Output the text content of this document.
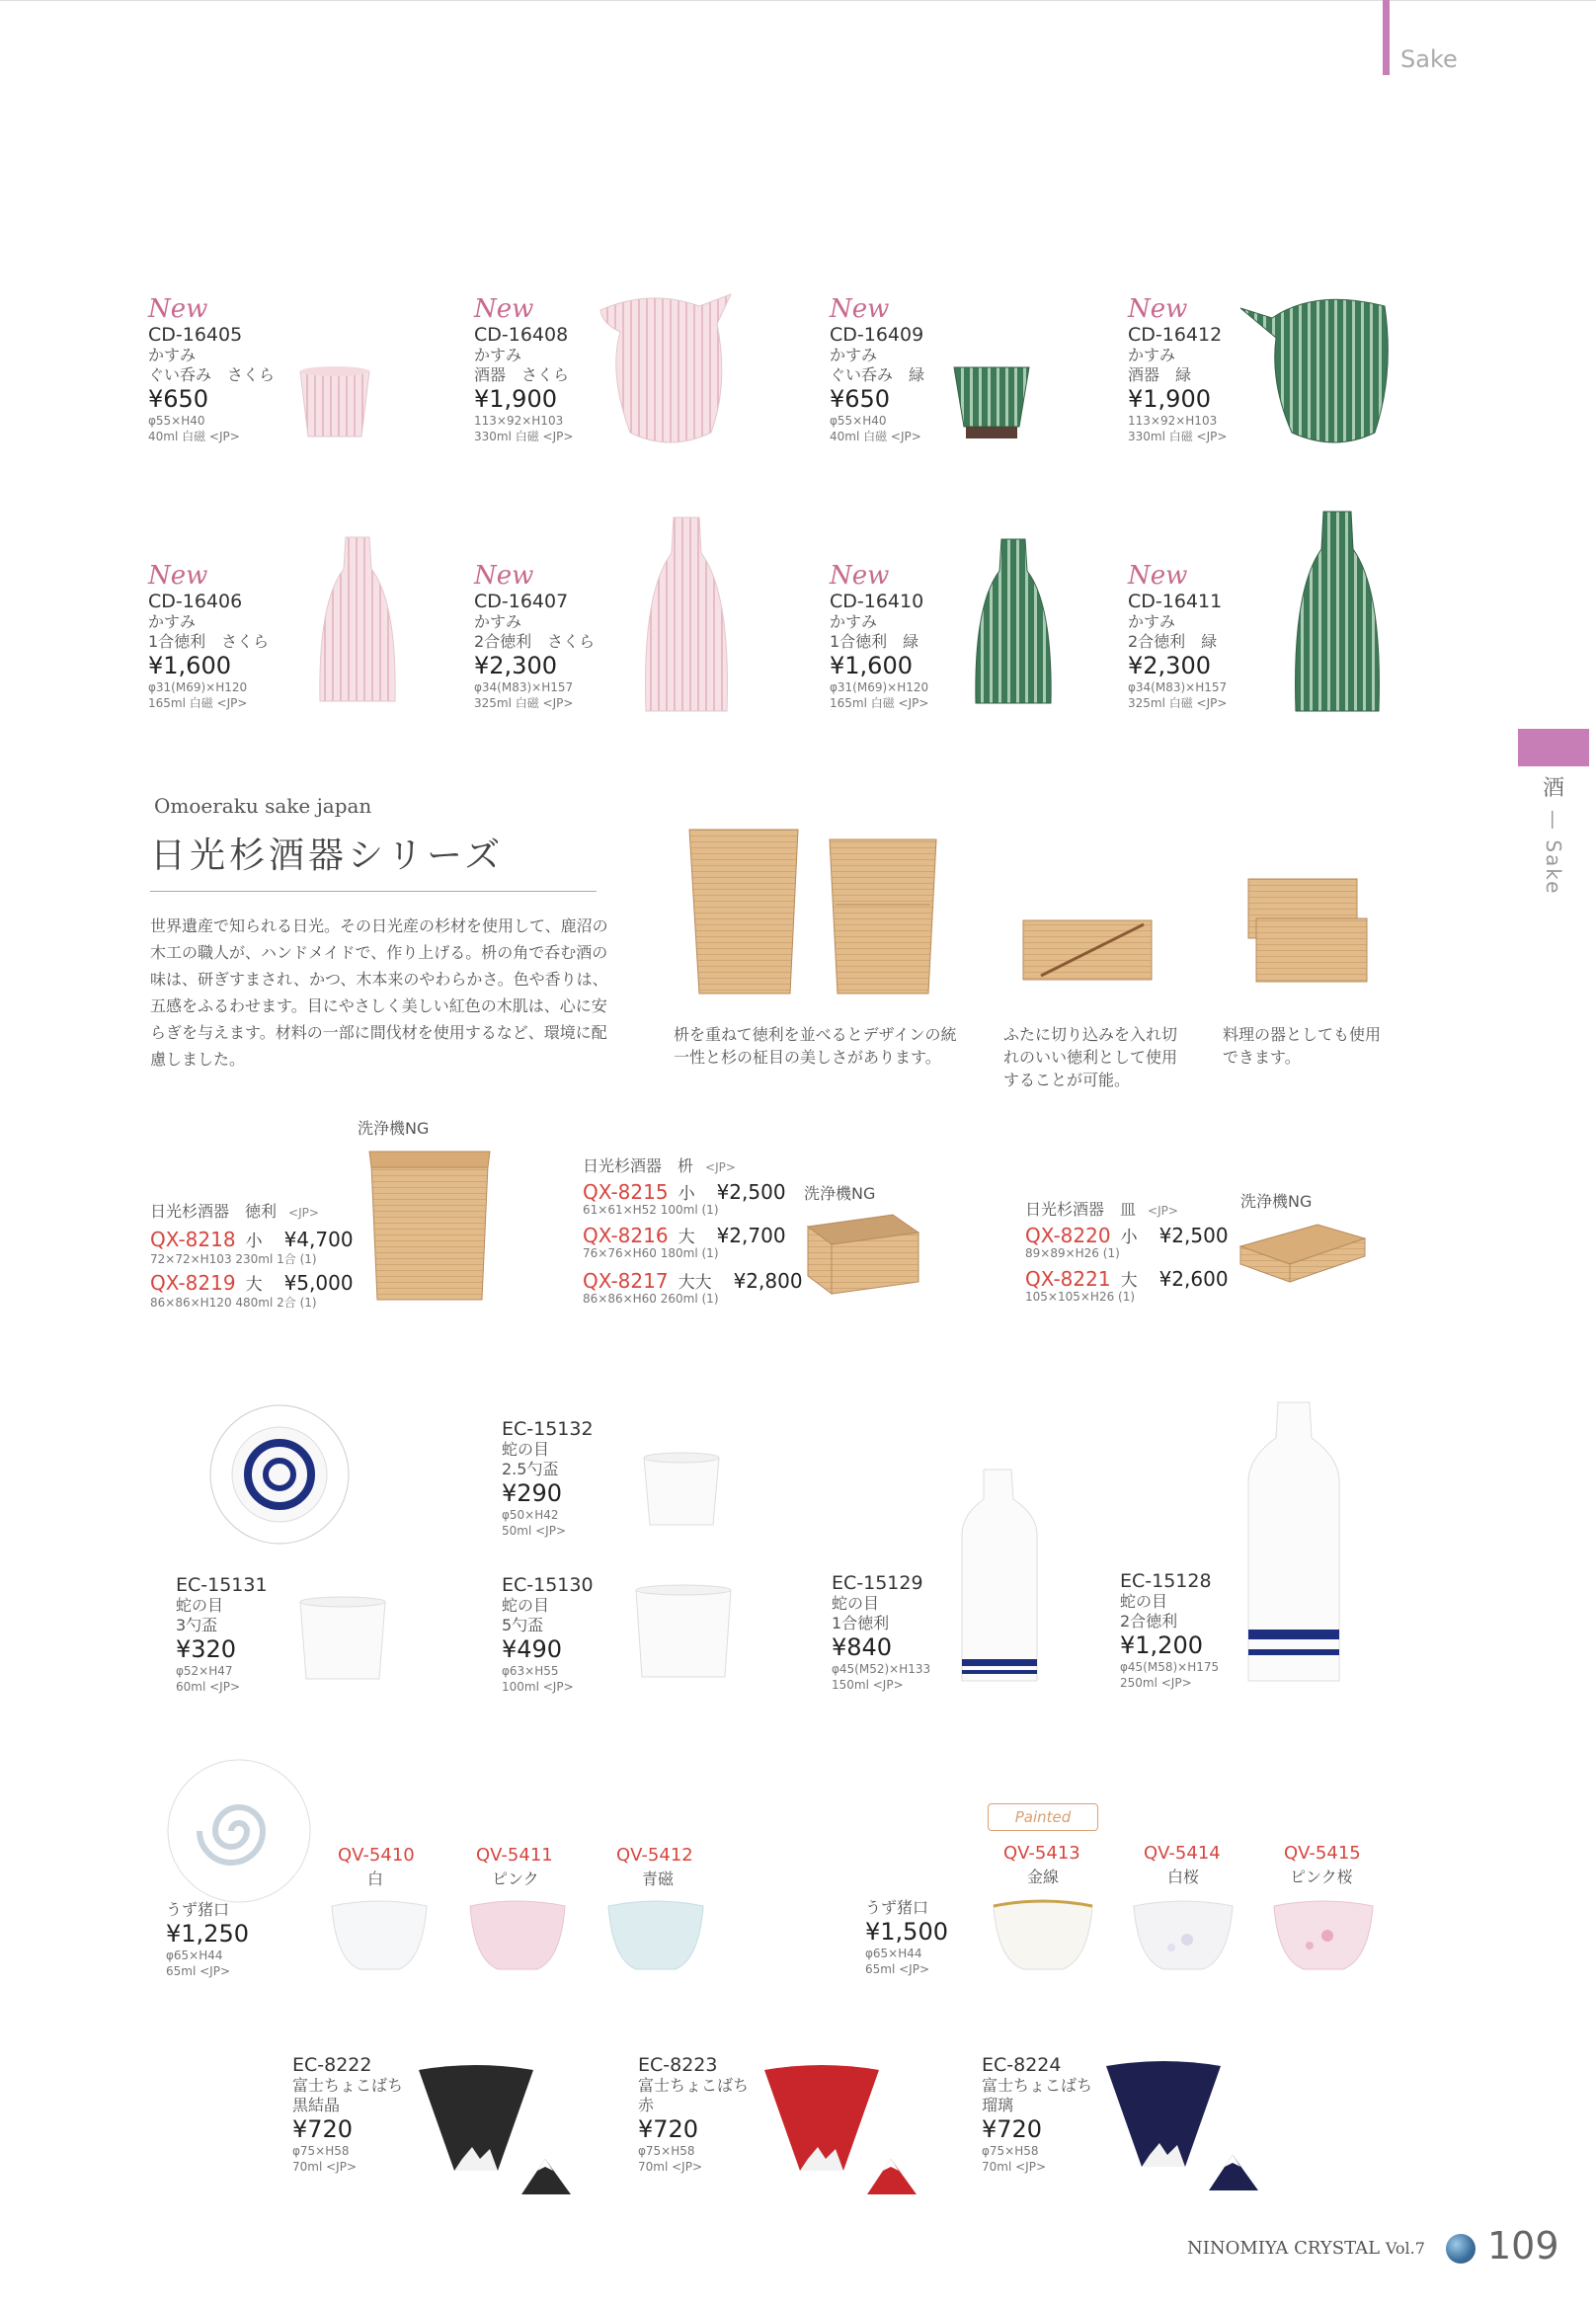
Sake
酒
— Sake
New
CD-16405
かすみ
ぐい呑み　さくら
¥650
φ55×H40
40ml 白磁 <JP>
New
CD-16408
かすみ
酒器　さくら
¥1,900
113×92×H103
330ml 白磁 <JP>
New
CD-16409
かすみ
ぐい呑み　緑
¥650
φ55×H40
40ml 白磁 <JP>
New
CD-16412
かすみ
酒器　緑
¥1,900
113×92×H103
330ml 白磁 <JP>
New
CD-16406
かすみ
1合徳利　さくら
¥1,600
φ31(M69)×H120
165ml 白磁 <JP>
New
CD-16407
かすみ
2合徳利　さくら
¥2,300
φ34(M83)×H157
325ml 白磁 <JP>
New
CD-16410
かすみ
1合徳利　緑
¥1,600
φ31(M69)×H120
165ml 白磁 <JP>
New
CD-16411
かすみ
2合徳利　緑
¥2,300
φ34(M83)×H157
325ml 白磁 <JP>
Omoeraku sake japan
日光杉酒器シリーズ
世界遺産で知られる日光。その日光産の杉材を使用して、鹿沼の木工の職人が、ハンドメイドで、作り上げる。枡の角で呑む酒の味は、研ぎすまされ、かつ、木本来のやわらかさ。色や香りは、五感をふるわせます。目にやさしく美しい紅色の木肌は、心に安らぎを与えます。材料の一部に間伐材を使用するなど、環境に配慮しました。
枡を重ねて徳利を並べるとデザインの統一性と杉の柾目の美しさがあります。
ふたに切り込みを入れ切れのいい徳利として使用することが可能。
料理の器としても使用できます。
洗浄機NG
日光杉酒器　徳利 <JP>
QX-8218 小 ¥4,700
72×72×H103 230ml 1合 (1)
QX-8219 大 ¥5,000
86×86×H120 480ml 2合 (1)
日光杉酒器　枡 <JP>
QX-8215 小 ¥2,500
61×61×H52 100ml (1)
QX-8216 大 ¥2,700
76×76×H60 180ml (1)
QX-8217 大大 ¥2,800
86×86×H60 260ml (1)
洗浄機NG
日光杉酒器　皿 <JP>
QX-8220 小 ¥2,500
89×89×H26 (1)
QX-8221 大 ¥2,600
105×105×H26 (1)
洗浄機NG
EC-15132
蛇の目
2.5勺盃
¥290
φ50×H42
50ml <JP>
EC-15131
蛇の目
3勺盃
¥320
φ52×H47
60ml <JP>
EC-15130
蛇の目
5勺盃
¥490
φ63×H55
100ml <JP>
EC-15129
蛇の目
1合徳利
¥840
φ45(M52)×H133
150ml <JP>
EC-15128
蛇の目
2合徳利
¥1,200
φ45(M58)×H175
250ml <JP>
うず猪口
¥1,250
φ65×H44
65ml <JP>
うず猪口
¥1,500
φ65×H44
65ml <JP>
Painted
QV-5410
白
QV-5411
ピンク
QV-5412
青磁
QV-5413
金線
QV-5414
白桜
QV-5415
ピンク桜
EC-8222
富士ちょこばち
黒結晶
¥720
φ75×H58
70ml <JP>
EC-8223
富士ちょこばち
赤
¥720
φ75×H58
70ml <JP>
EC-8224
富士ちょこばち
瑠璃
¥720
φ75×H58
70ml <JP>
NINOMIYA CRYSTAL Vol.7 109
